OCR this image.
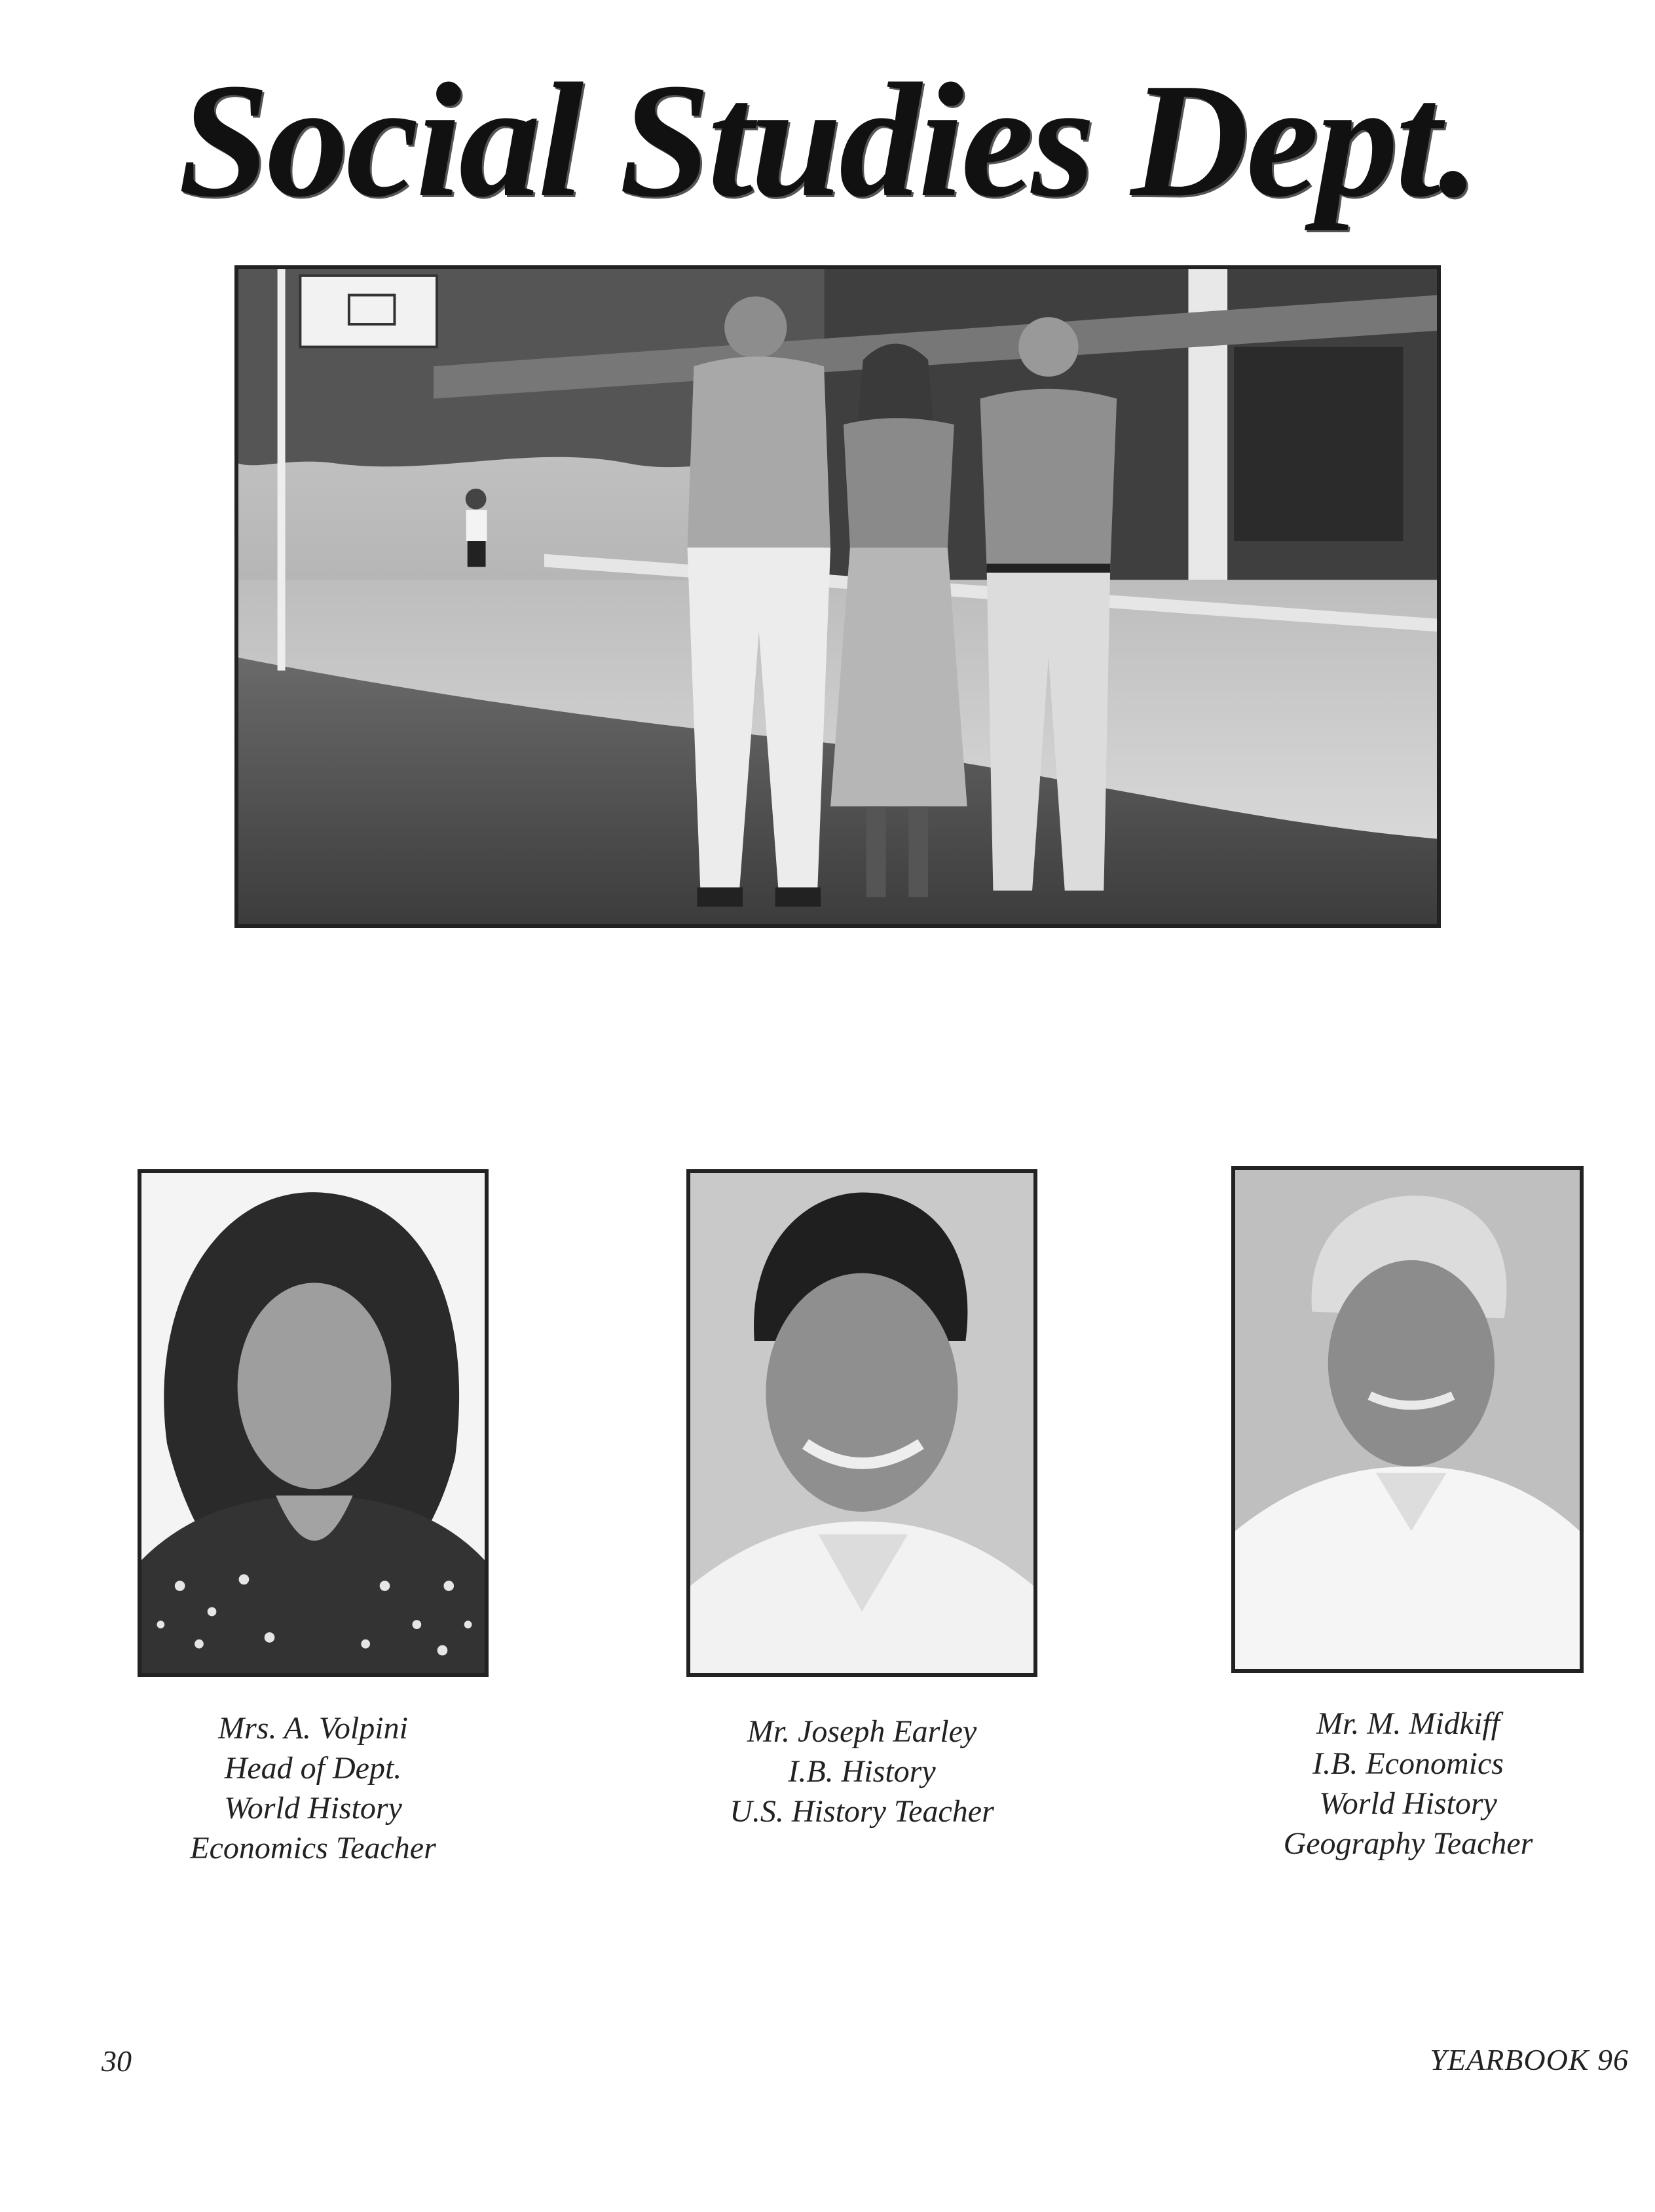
Social Studies Dept.
Mrs. A. Volpini
Head of Dept.
World History
Economics Teacher
Mr. Joseph Earley
I.B. History
U.S. History Teacher
Mr. M. Midkiff
I.B. Economics
World History
Geography Teacher
30	YEARBOOK 96
